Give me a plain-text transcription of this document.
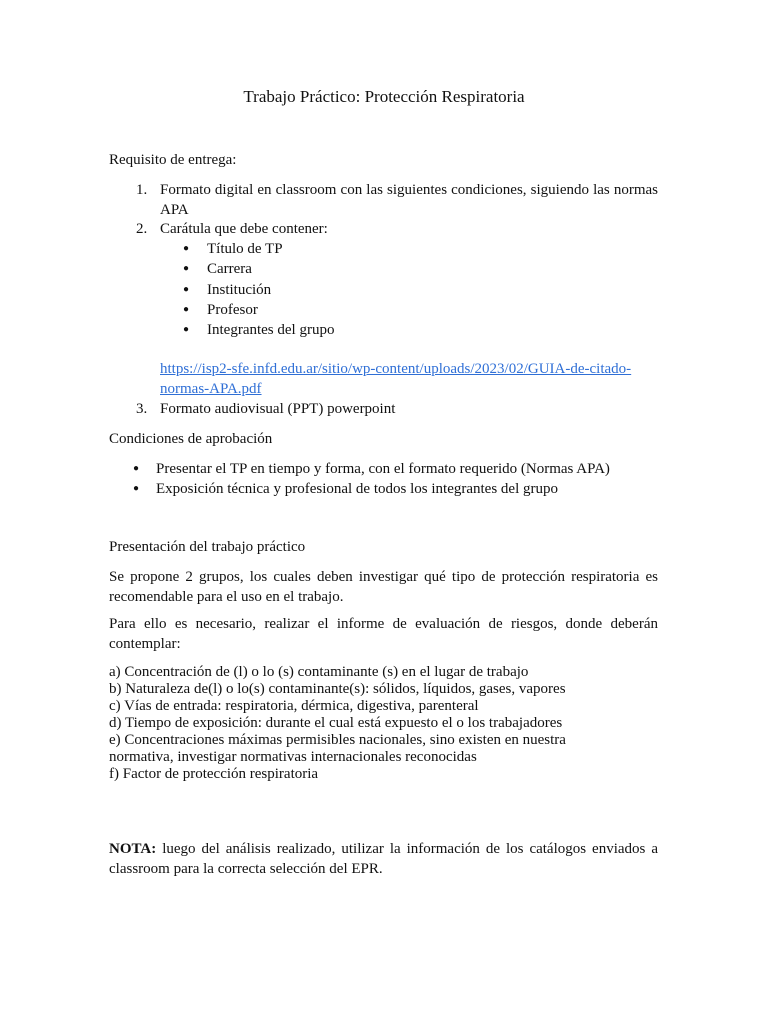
Trabajo Práctico: Protección Respiratoria
Requisito de entrega:
1. Formato digital en classroom con las siguientes condiciones, siguiendo las normas APA
2. Carátula que debe contener:
● Título de TP
● Carrera
● Institución
● Profesor
● Integrantes del grupo
https://isp2-sfe.infd.edu.ar/sitio/wp-content/uploads/2023/02/GUIA-de-citado-
normas-APA.pdf
3. Formato audiovisual (PPT) powerpoint
Condiciones de aprobación
● Presentar el TP en tiempo y forma, con el formato requerido (Normas APA)
● Exposición técnica y profesional de todos los integrantes del grupo
Presentación del trabajo práctico
Se propone 2 grupos, los cuales deben investigar qué tipo de protección respiratoria es
recomendable para el uso en el trabajo.
Para ello es necesario, realizar el informe de evaluación de riesgos, donde deberán
contemplar:
a) Concentración de (l) o lo (s) contaminante (s) en el lugar de trabajo
b) Naturaleza de(l) o lo(s) contaminante(s): sólidos, líquidos, gases, vapores
c) Vías de entrada: respiratoria, dérmica, digestiva, parenteral
d) Tiempo de exposición: durante el cual está expuesto el o los trabajadores
e) Concentraciones máximas permisibles nacionales, sino existen en nuestra
normativa, investigar normativas internacionales reconocidas
f) Factor de protección respiratoria
NOTA: luego del análisis realizado, utilizar la información de los catálogos enviados a
classroom para la correcta selección del EPR.
